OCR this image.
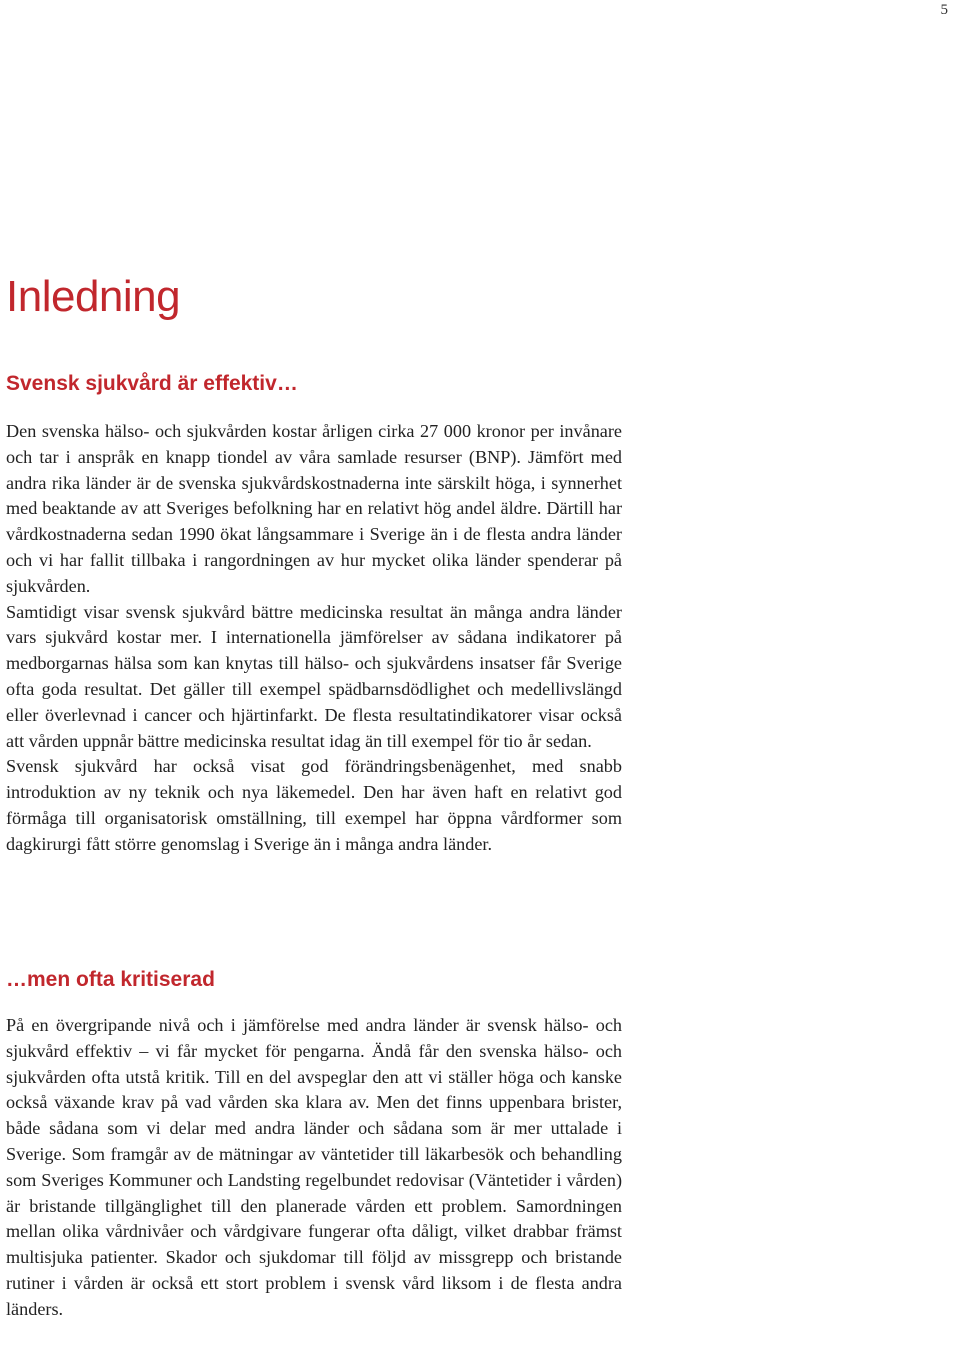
5
Inledning
Svensk sjukvård är effektiv…

Den svenska hälso- och sjukvården kostar årligen cirka 27 000 kronor per invånare och tar i anspråk en knapp tiondel av våra samlade resurser (BNP). Jämfört med andra rika länder är de svenska sjukvårdskostnaderna inte särskilt höga, i synnerhet med beaktande av att Sveriges befolkning har en relativt hög andel äldre. Därtill har vårdkostnaderna sedan 1990 ökat långsammare i Sverige än i de flesta andra länder och vi har fallit tillbaka i rangordningen av hur mycket olika länder spenderar på sjukvården.

Samtidigt visar svensk sjukvård bättre medicinska resultat än många andra länder vars sjukvård kostar mer. I internationella jämförelser av sådana indikatorer på medborgarnas hälsa som kan knytas till hälso- och sjukvårdens insatser får Sverige ofta goda resultat. Det gäller till exempel spädbarnsdödlighet och medellivslängd eller överlevnad i cancer och hjärtinfarkt. De flesta resultatindikatorer visar också att vården uppnår bättre medicinska resultat idag än till exempel för tio år sedan.

Svensk sjukvård har också visat god förändringsbenägenhet, med snabb introduktion av ny teknik och nya läkemedel. Den har även haft en relativt god förmåga till organisatorisk omställning, till exempel har öppna vårdformer som dagkirurgi fått större genomslag i Sverige än i många andra länder.

…men ofta kritiserad

På en övergripande nivå och i jämförelse med andra länder är svensk hälso- och sjukvård effektiv – vi får mycket för pengarna. Ändå får den svenska hälso- och sjukvården ofta utstå kritik. Till en del avspeglar den att vi ställer höga och kanske också växande krav på vad vården ska klara av. Men det finns uppenbara brister, både sådana som vi delar med andra länder och sådana som är mer uttalade i Sverige. Som framgår av de mätningar av väntetider till läkarbesök och behandling som Sveriges Kommuner och Landsting regelbundet redovisar (Väntetider i vården) är bristande tillgänglighet till den planerade vården ett problem. Samordningen mellan olika vårdnivåer och vårdgivare fungerar ofta dåligt, vilket drabbar främst multisjuka patienter. Skador och sjukdomar till följd av missgrepp och bristande rutiner i vården är också ett stort problem i svensk vård liksom i de flesta andra länders.
